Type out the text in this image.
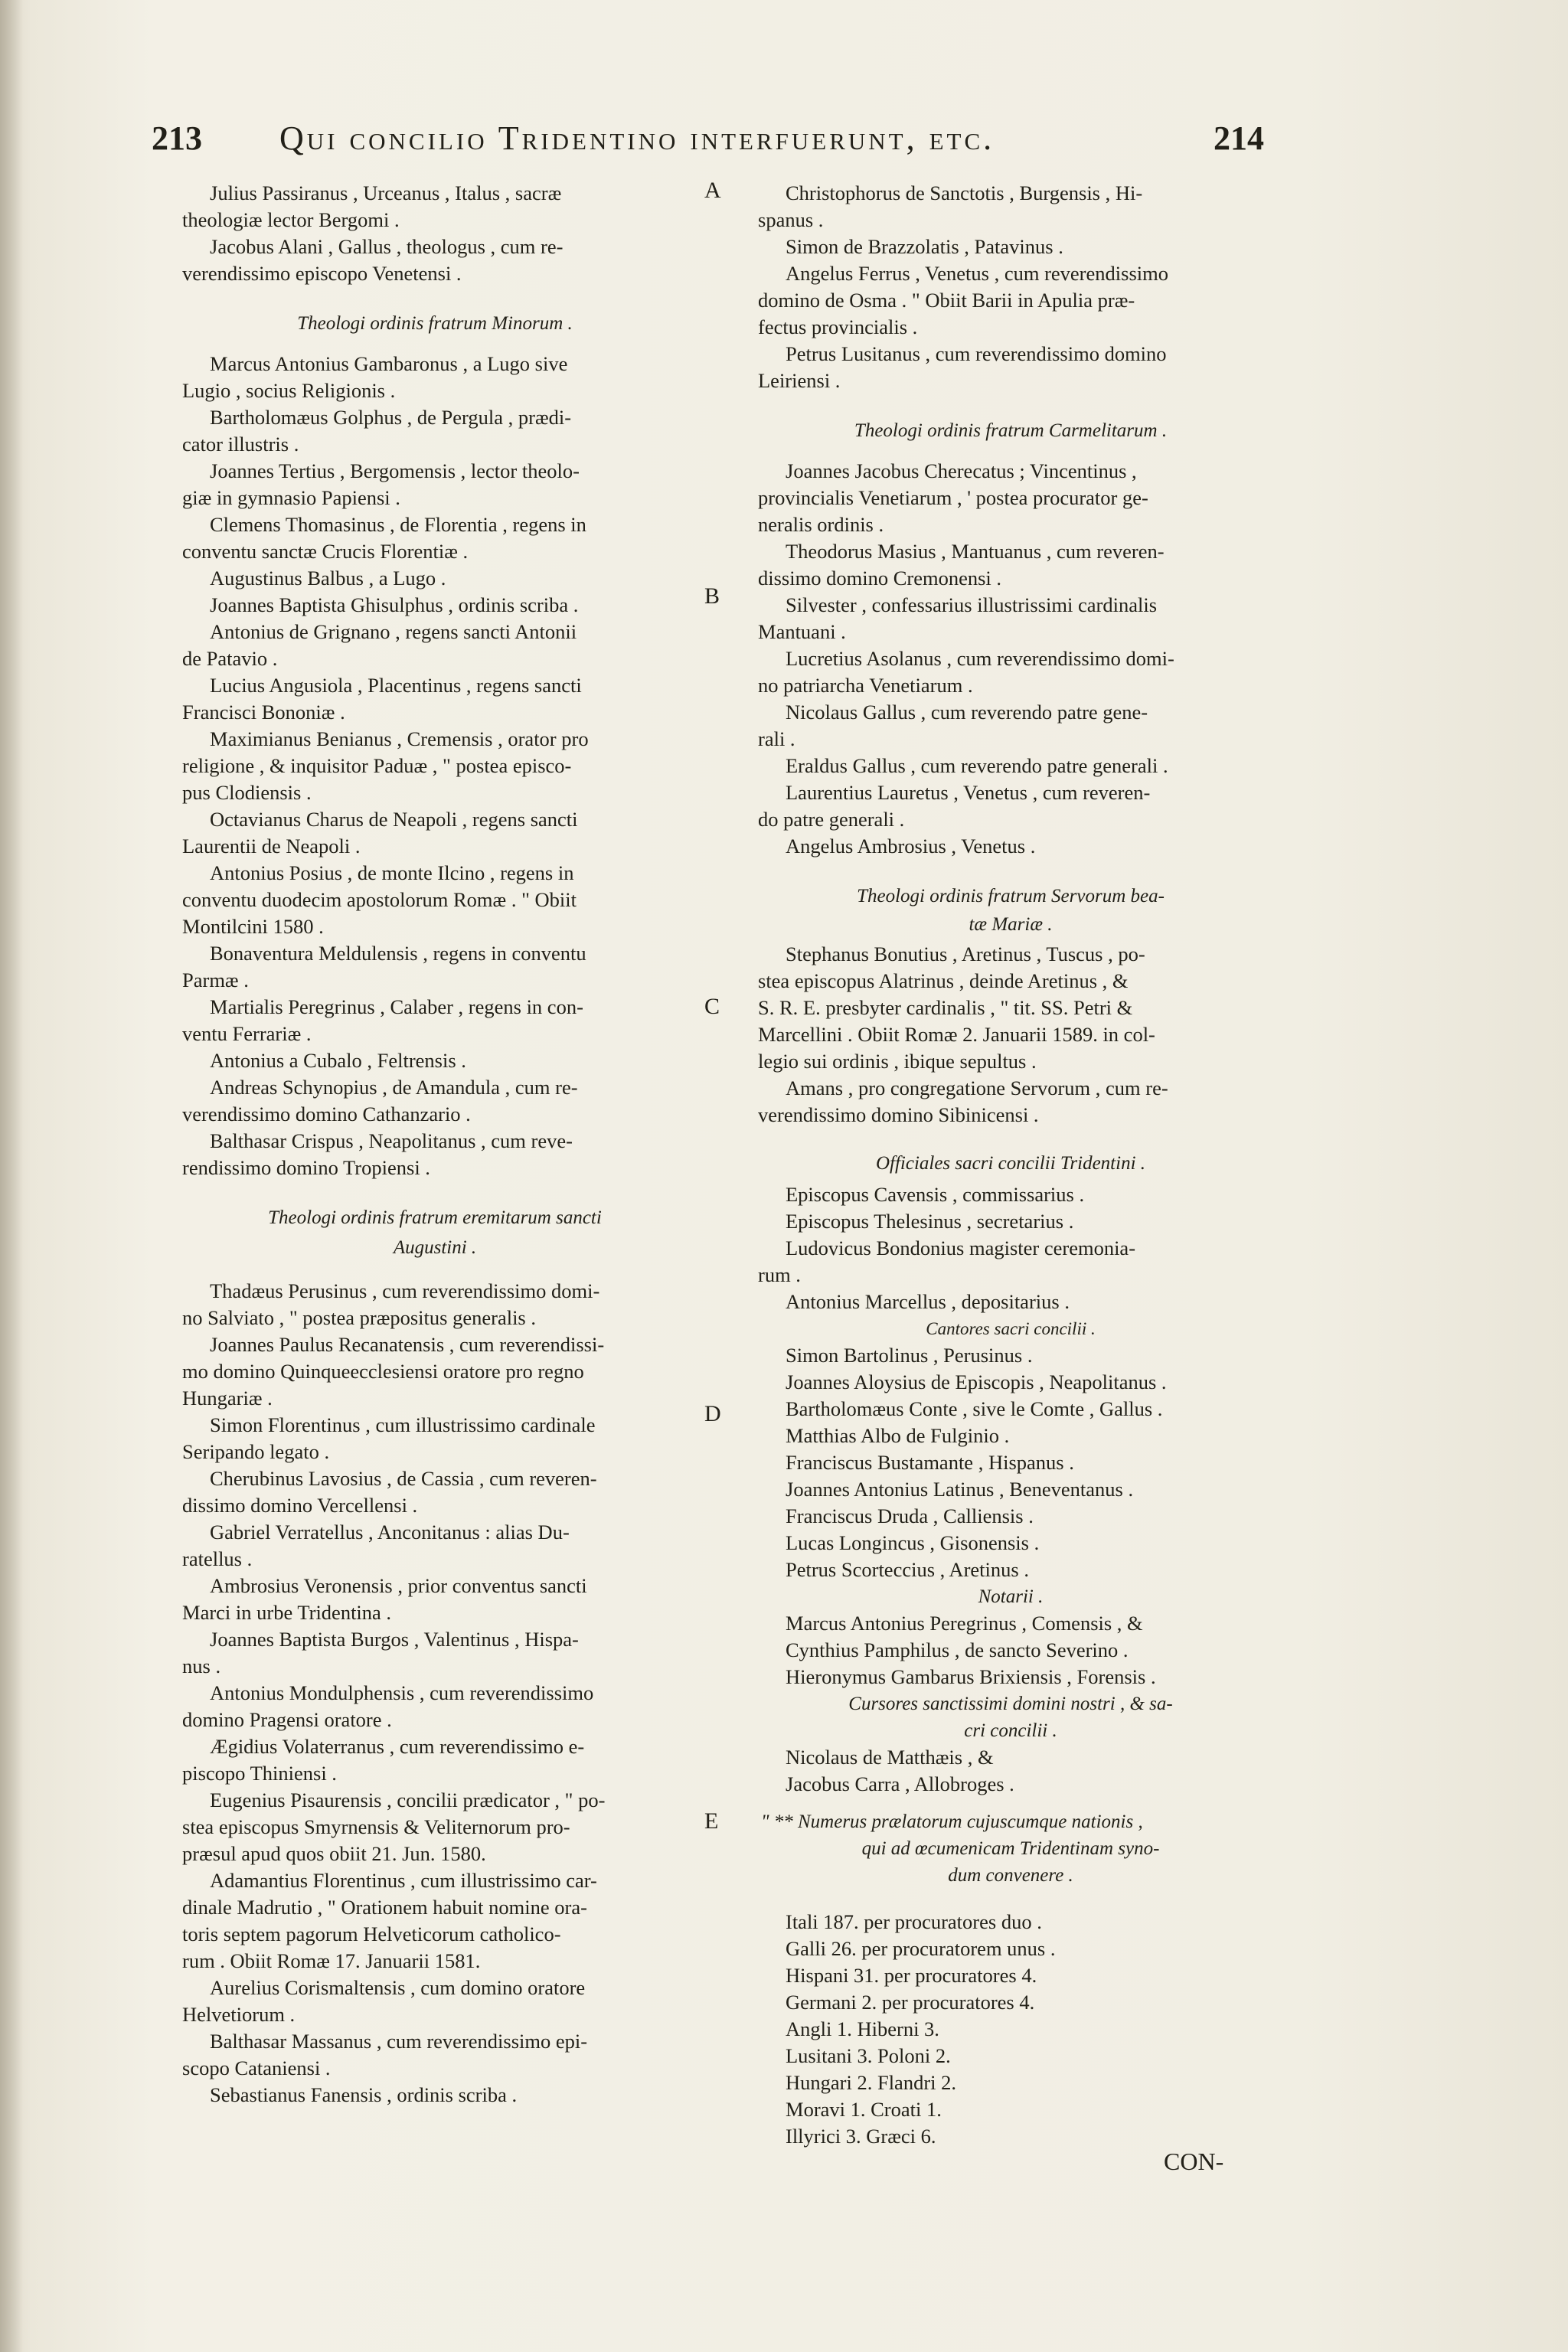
213 Qui concilio Tridentino interfuerunt, etc.	214
A
B
C
D
E
Julius Passiranus , Urceanus , Italus , sacræ
theologiæ lector Bergomi .
Jacobus Alani , Gallus , theologus , cum re-
verendissimo episcopo Venetensi .
Theologi ordinis fratrum Minorum .
Marcus Antonius Gambaronus , a Lugo sive
Lugio , socius Religionis .
Bartholomæus Golphus , de Pergula , prædi-
cator illustris .
Joannes Tertius , Bergomensis , lector theolo-
giæ in gymnasio Papiensi .
Clemens Thomasinus , de Florentia , regens in
conventu sanctæ Crucis Florentiæ .
Augustinus Balbus , a Lugo .
Joannes Baptista Ghisulphus , ordinis scriba .
Antonius de Grignano , regens sancti Antonii
de Patavio .
Lucius Angusiola , Placentinus , regens sancti
Francisci Bononiæ .
Maximianus Benianus , Cremensis , orator pro
religione , & inquisitor Paduæ , " postea episco-
pus Clodiensis .
Octavianus Charus de Neapoli , regens sancti
Laurentii de Neapoli .
Antonius Posius , de monte Ilcino , regens in
conventu duodecim apostolorum Romæ . " Obiit
Montilcini 1580 .
Bonaventura Meldulensis , regens in conventu
Parmæ .
Martialis Peregrinus , Calaber , regens in con-
ventu Ferrariæ .
Antonius a Cubalo , Feltrensis .
Andreas Schynopius , de Amandula , cum re-
verendissimo domino Cathanzario .
Balthasar Crispus , Neapolitanus , cum reve-
rendissimo domino Tropiensi .
Theologi ordinis fratrum eremitarum sancti
Augustini .
Thadæus Perusinus , cum reverendissimo domi-
no Salviato , " postea præpositus generalis .
Joannes Paulus Recanatensis , cum reverendissi-
mo domino Quinqueecclesiensi oratore pro regno
Hungariæ .
Simon Florentinus , cum illustrissimo cardinale
Seripando legato .
Cherubinus Lavosius , de Cassia , cum reveren-
dissimo domino Vercellensi .
Gabriel Verratellus , Anconitanus : alias Du-
ratellus .
Ambrosius Veronensis , prior conventus sancti
Marci in urbe Tridentina .
Joannes Baptista Burgos , Valentinus , Hispa-
nus .
Antonius Mondulphensis , cum reverendissimo
domino Pragensi oratore .
Ægidius Volaterranus , cum reverendissimo e-
piscopo Thiniensi .
Eugenius Pisaurensis , concilii prædicator , " po-
stea episcopus Smyrnensis & Veliternorum pro-
præsul apud quos obiit 21. Jun. 1580.
Adamantius Florentinus , cum illustrissimo car-
dinale Madrutio , " Orationem habuit nomine ora-
toris septem pagorum Helveticorum catholico-
rum . Obiit Romæ 17. Januarii 1581.
Aurelius Corismaltensis , cum domino oratore
Helvetiorum .
Balthasar Massanus , cum reverendissimo epi-
scopo Cataniensi .
Sebastianus Fanensis , ordinis scriba .
Christophorus de Sanctotis , Burgensis , Hi-
spanus .
Simon de Brazzolatis , Patavinus .
Angelus Ferrus , Venetus , cum reverendissimo
domino de Osma . " Obiit Barii in Apulia præ-
fectus provincialis .
Petrus Lusitanus , cum reverendissimo domino
Leiriensi .
Theologi ordinis fratrum Carmelitarum .
Joannes Jacobus Cherecatus ; Vincentinus ,
provincialis Venetiarum , ' postea procurator ge-
neralis ordinis .
Theodorus Masius , Mantuanus , cum reveren-
dissimo domino Cremonensi .
Silvester , confessarius illustrissimi cardinalis
Mantuani .
Lucretius Asolanus , cum reverendissimo domi-
no patriarcha Venetiarum .
Nicolaus Gallus , cum reverendo patre gene-
rali .
Eraldus Gallus , cum reverendo patre generali .
Laurentius Lauretus , Venetus , cum reveren-
do patre generali .
Angelus Ambrosius , Venetus .
Theologi ordinis fratrum Servorum bea-
tæ Mariæ .
Stephanus Bonutius , Aretinus , Tuscus , po-
stea episcopus Alatrinus , deinde Aretinus , &
S. R. E. presbyter cardinalis , " tit. SS. Petri &
Marcellini . Obiit Romæ 2. Januarii 1589. in col-
legio sui ordinis , ibique sepultus .
Amans , pro congregatione Servorum , cum re-
verendissimo domino Sibinicensi .
Officiales sacri concilii Tridentini .
Episcopus Cavensis , commissarius .
Episcopus Thelesinus , secretarius .
Ludovicus Bondonius magister ceremonia-
rum .
Antonius Marcellus , depositarius .
Cantores sacri concilii .
Simon Bartolinus , Perusinus .
Joannes Aloysius de Episcopis , Neapolitanus .
Bartholomæus Conte , sive le Comte , Gallus .
Matthias Albo de Fulginio .
Franciscus Bustamante , Hispanus .
Joannes Antonius Latinus , Beneventanus .
Franciscus Druda , Calliensis .
Lucas Longincus , Gisonensis .
Petrus Scorteccius , Aretinus .
Notarii .
Marcus Antonius Peregrinus , Comensis , &
Cynthius Pamphilus , de sancto Severino .
Hieronymus Gambarus Brixiensis , Forensis .
Cursores sanctissimi domini nostri , & sa-
cri concilii .
Nicolaus de Matthæis , &
Jacobus Carra , Allobroges .
" ** Numerus prælatorum cujuscumque nationis ,
qui ad œcumenicam Tridentinam syno-
dum convenere .
Itali 187. per procuratores duo .
Galli 26. per procuratorem unus .
Hispani 31. per procuratores 4.
Germani 2. per procuratores 4.
Angli 1. Hiberni 3.
Lusitani 3. Poloni 2.
Hungari 2. Flandri 2.
Moravi 1. Croati 1.
Illyrici 3. Græci 6.
CON-
